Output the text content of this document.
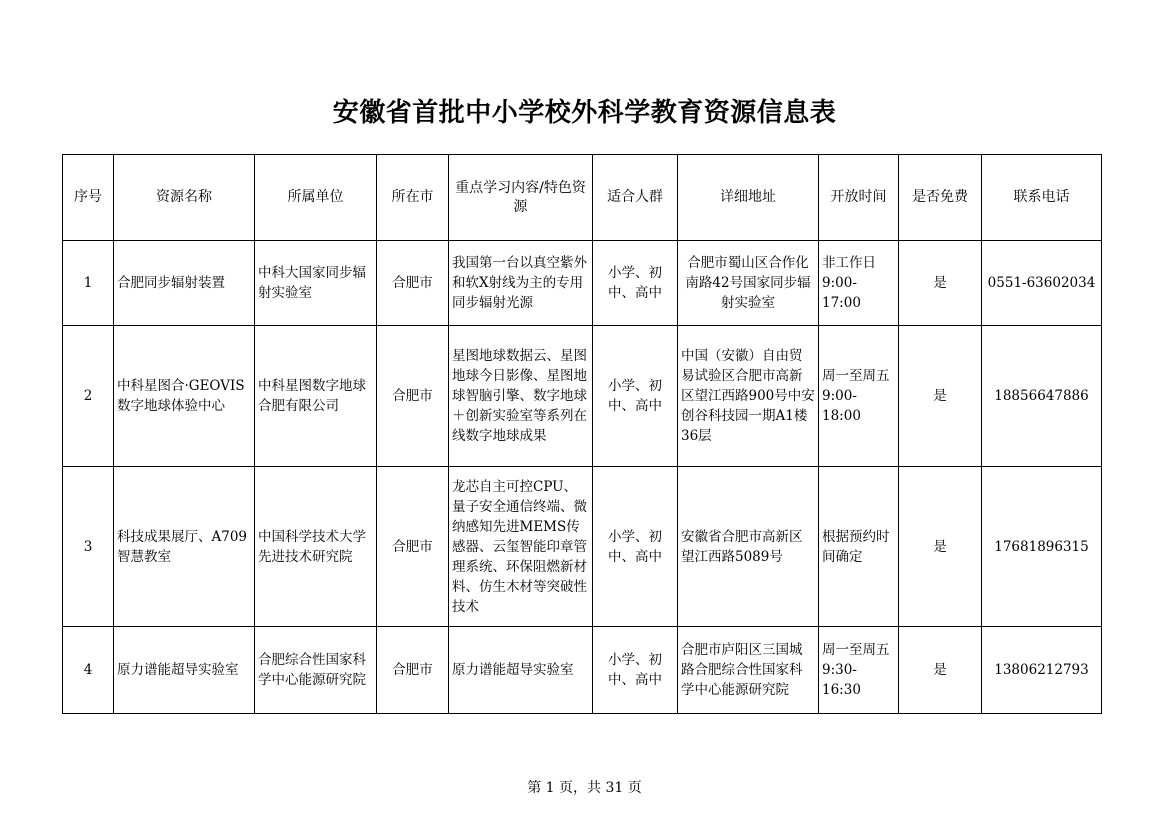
安徽省首批中小学校外科学教育资源信息表
序号	资源名称	所属单位	所在市	重点学习内容/特色资源	适合人群	详细地址	开放时间	是否免费	联系电话
1	合肥同步辐射装置	中科大国家同步辐射实验室	合肥市	我国第一台以真空紫外和软X射线为主的专用同步辐射光源	小学、初中、高中	合肥市蜀山区合作化南路42号国家同步辐射实验室	非工作日9:00-17:00	是	0551-63602034
2	中科星图合·GEOVIS数字地球体验中心	中科星图数字地球合肥有限公司	合肥市	星图地球数据云、星图地球今日影像、星图地球智脑引擎、数字地球＋创新实验室等系列在线数字地球成果	小学、初中、高中	中国（安徽）自由贸易试验区合肥市高新区望江西路900号中安创谷科技园一期A1楼36层	周一至周五9:00-18:00	是	18856647886
3	科技成果展厅、A709智慧教室	中国科学技术大学先进技术研究院	合肥市	龙芯自主可控CPU、量子安全通信终端、微纳感知先进MEMS传感器、云玺智能印章管理系统、环保阻燃新材料、仿生木材等突破性技术	小学、初中、高中	安徽省合肥市高新区望江西路5089号	根据预约时间确定	是	17681896315
4	原力谱能超导实验室	合肥综合性国家科学中心能源研究院	合肥市	原力谱能超导实验室	小学、初中、高中	合肥市庐阳区三国城路合肥综合性国家科学中心能源研究院	周一至周五 9:30-16:30	是	13806212793
第 1 页，共 31 页
